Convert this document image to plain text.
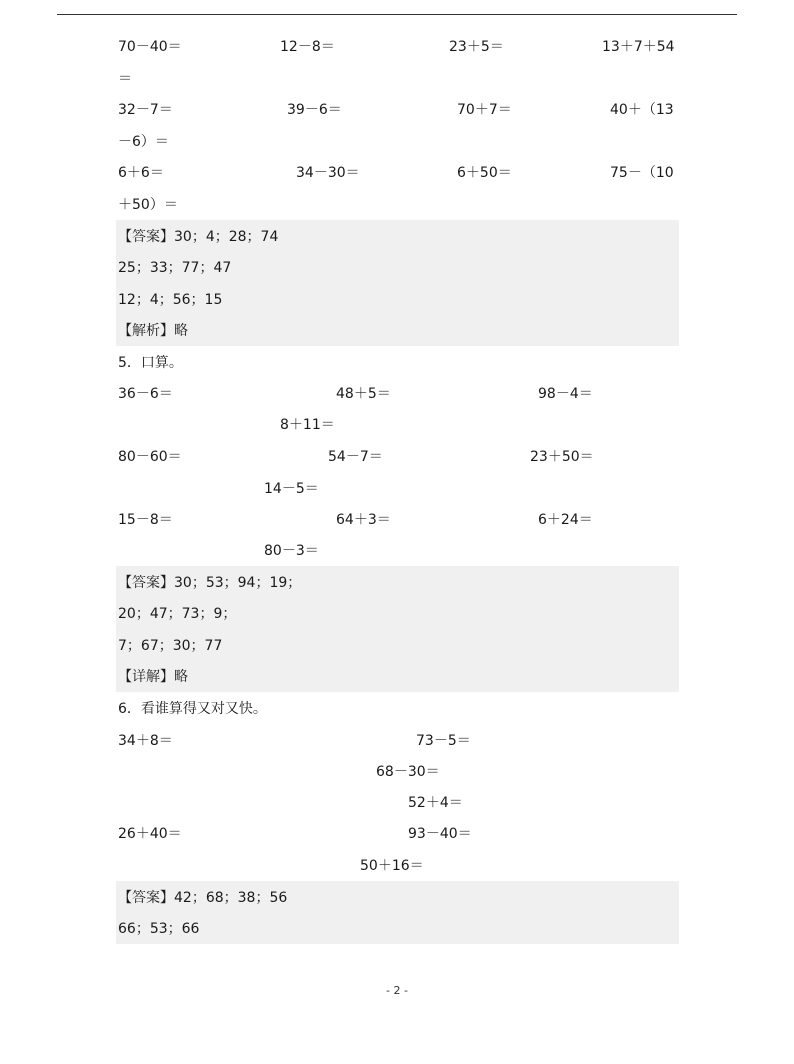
70－40＝	12－8＝	23＋5＝	13＋7＋54
＝
32－7＝	39－6＝	70＋7＝	40＋（13
－6）＝
6＋6＝	34－30＝	6＋50＝	75－（10
＋50）＝
【答案】30；4；28；74
25；33；77；47
12；4；56；15
【解析】略
5．口算。
36－6＝	48＋5＝	98－4＝
8＋11＝
80－60＝	54－7＝	23＋50＝
14－5＝
15－8＝	64＋3＝	6＋24＝
80－3＝
【答案】30；53；94；19；
20；47；73；9；
7；67；30；77
【详解】略
6．看谁算得又对又快。
34＋8＝	73－5＝
68－30＝
52＋4＝
26＋40＝	93－40＝
50＋16＝
【答案】42；68；38；56
66；53；66
- 2 -
